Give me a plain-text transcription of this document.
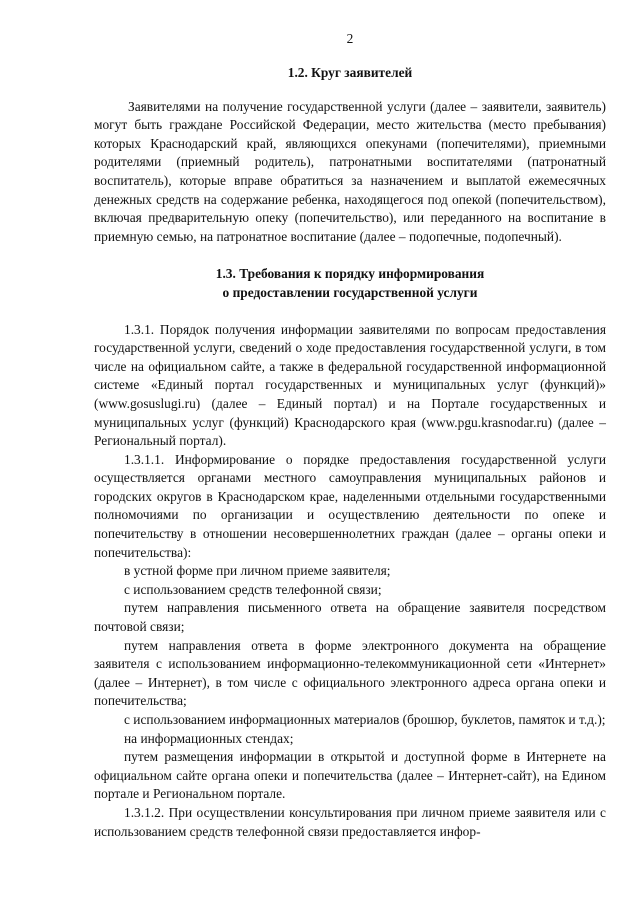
2
1.2. Круг заявителей

Заявителями на получение государственной услуги (далее – заявители, заявитель) могут быть граждане Российской Федерации, место жительства (место пребывания) которых Краснодарский край, являющихся опекунами (попечителями), приемными родителями (приемный родитель), патронатными воспитателями (патронатный воспитатель), которые вправе обратиться за назначением и выплатой ежемесячных денежных средств на содержание ребенка, находящегося под опекой (попечительством), включая предварительную опеку (попечительство), или переданного на воспитание в приемную семью, на патронатное воспитание (далее – подопечные, подопечный).

1.3. Требования к порядку информирования
о предоставлении государственной услуги

1.3.1. Порядок получения информации заявителями по вопросам предоставления государственной услуги, сведений о ходе предоставления государственной услуги, в том числе на официальном сайте, а также в федеральной государственной информационной системе «Единый портал государственных и муниципальных услуг (функций)» (www.gosuslugi.ru) (далее – Единый портал) и на Портале государственных и муниципальных услуг (функций) Краснодарского края (www.pgu.krasnodar.ru) (далее – Региональный портал).

1.3.1.1. Информирование о порядке предоставления государственной услуги осуществляется органами местного самоуправления муниципальных районов и городских округов в Краснодарском крае, наделенными отдельными государственными полномочиями по организации и осуществлению деятельности по опеке и попечительству в отношении несовершеннолетних граждан (далее – органы опеки и попечительства):

в устной форме при личном приеме заявителя;

с использованием средств телефонной связи;

путем направления письменного ответа на обращение заявителя посредством почтовой связи;

путем направления ответа в форме электронного документа на обращение заявителя с использованием информационно-телекоммуникационной сети «Интернет» (далее – Интернет), в том числе с официального электронного адреса органа опеки и попечительства;

с использованием информационных материалов (брошюр, буклетов, памяток и т.д.);

на информационных стендах;

путем размещения информации в открытой и доступной форме в Интернете на официальном сайте органа опеки и попечительства (далее – Интернет-сайт), на Едином портале и Региональном портале.

1.3.1.2. При осуществлении консультирования при личном приеме заявителя или с использованием средств телефонной связи предоставляется инфор-
